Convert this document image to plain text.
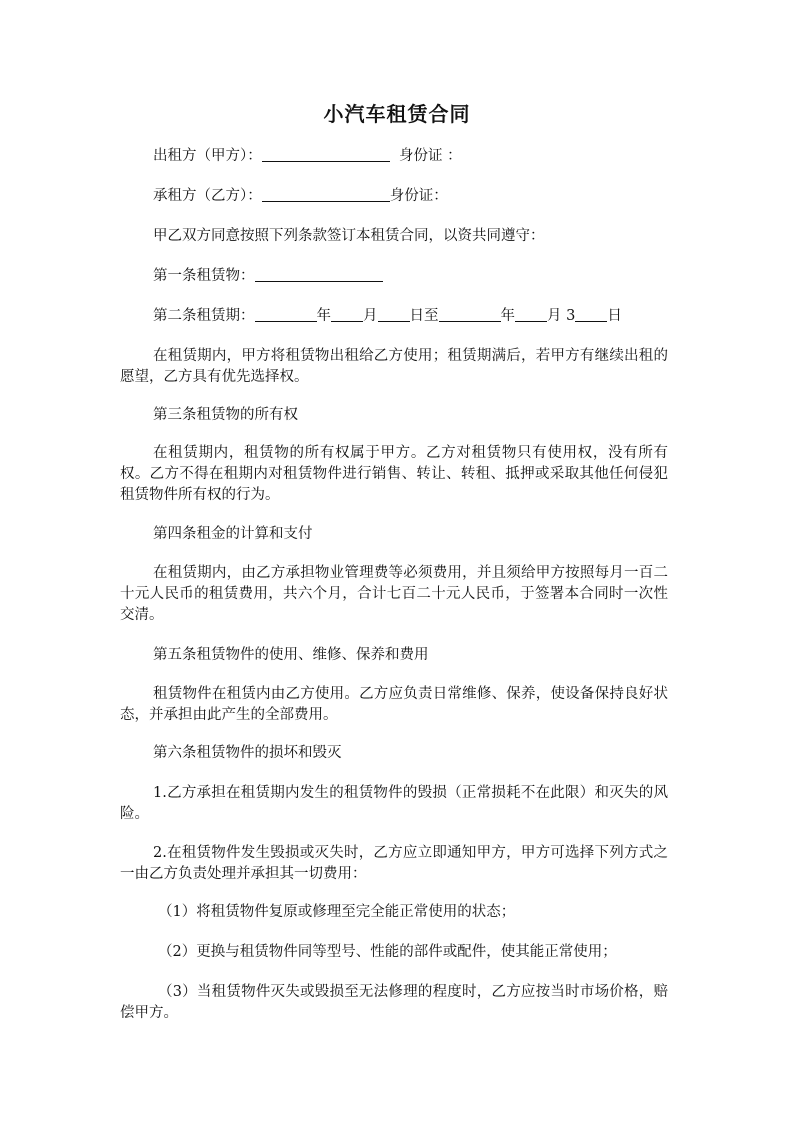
小汽车租赁合同
出租方（甲方）：	身份证 ：
承租方（乙方）：	身份证：
甲乙双方同意按照下列条款签订本租赁合同，以资共同遵守：
第一条租赁物：
第二条租赁期：	年 月 日至	年 月 3 日
在租赁期内，甲方将租赁物出租给乙方使用；租赁期满后，若甲方有继续出租的愿望，乙方具有优先选择权。
第三条租赁物的所有权
在租赁期内，租赁物的所有权属于甲方。乙方对租赁物只有使用权，没有所有权。乙方不得在租期内对租赁物件进行销售、转让、转租、抵押或采取其他任何侵犯租赁物件所有权的行为。
第四条租金的计算和支付
在租赁期内，由乙方承担物业管理费等必须费用，并且须给甲方按照每月一百二十元人民币的租赁费用，共六个月，合计七百二十元人民币，于签署本合同时一次性交清。
第五条租赁物件的使用、维修、保养和费用
租赁物件在租赁内由乙方使用。乙方应负责日常维修、保养，使设备保持良好状态，并承担由此产生的全部费用。
第六条租赁物件的损坏和毁灭
1.乙方承担在租赁期内发生的租赁物件的毁损（正常损耗不在此限）和灭失的风险。
2.在租赁物件发生毁损或灭失时，乙方应立即通知甲方，甲方可选择下列方式之一由乙方负责处理并承担其一切费用：
（1）将租赁物件复原或修理至完全能正常使用的状态；
（2）更换与租赁物件同等型号、性能的部件或配件，使其能正常使用；
（3）当租赁物件灭失或毁损至无法修理的程度时，乙方应按当时市场价格，赔偿甲方。
